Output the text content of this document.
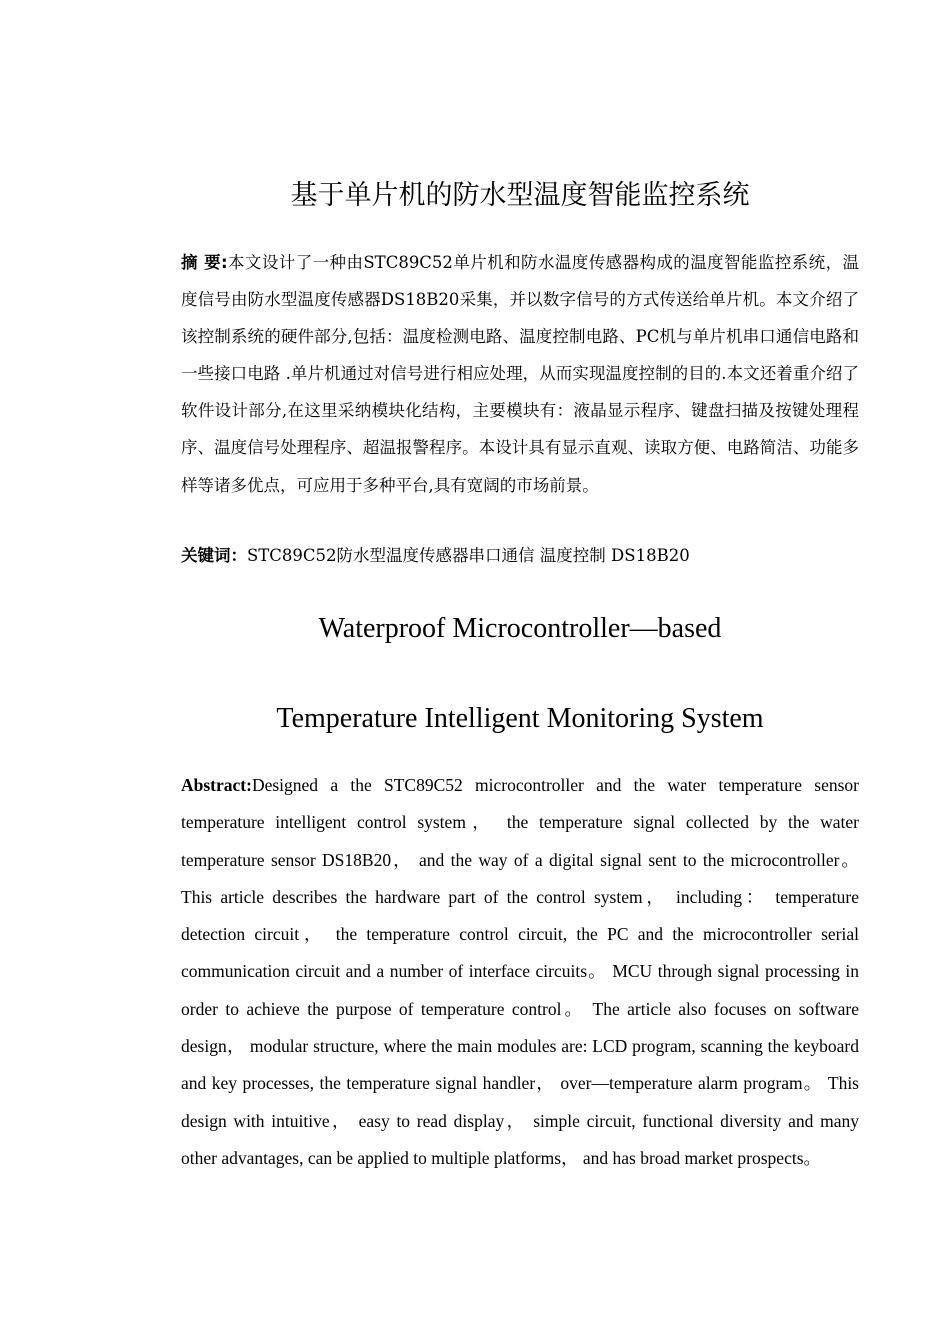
基于单片机的防水型温度智能监控系统

摘 要:本文设计了一种由STC89C52单片机和防水温度传感器构成的温度智能监控系统，温度信号由防水型温度传感器DS18B20采集，并以数字信号的方式传送给单片机。本文介绍了该控制系统的硬件部分,包括：温度检测电路、温度控制电路、PC机与单片机串口通信电路和一些接口电路 .单片机通过对信号进行相应处理，从而实现温度控制的目的.本文还着重介绍了软件设计部分,在这里采纳模块化结构，主要模块有：液晶显示程序、键盘扫描及按键处理程序、温度信号处理程序、超温报警程序。本设计具有显示直观、读取方便、电路简洁、功能多样等诸多优点，可应用于多种平台,具有宽阔的市场前景。

关键词：STC89C52防水型温度传感器串口通信 温度控制 DS18B20

Waterproof Microcontroller—based
Temperature Intelligent Monitoring System

Abstract:Designed a the STC89C52 microcontroller and the water temperature sensor temperature intelligent control system， the temperature signal collected by the water temperature sensor DS18B20， and the way of a digital signal sent to the microcontroller。 This article describes the hardware part of the control system， including： temperature detection circuit， the temperature control circuit, the PC and the microcontroller serial communication circuit and a number of interface circuits。 MCU through signal processing in order to achieve the purpose of temperature control。 The article also focuses on software design， modular structure, where the main modules are: LCD program, scanning the keyboard and key processes, the temperature signal handler， over—temperature alarm program。 This design with intuitive， easy to read display， simple circuit, functional diversity and many other advantages, can be applied to multiple platforms， and has broad market prospects。
